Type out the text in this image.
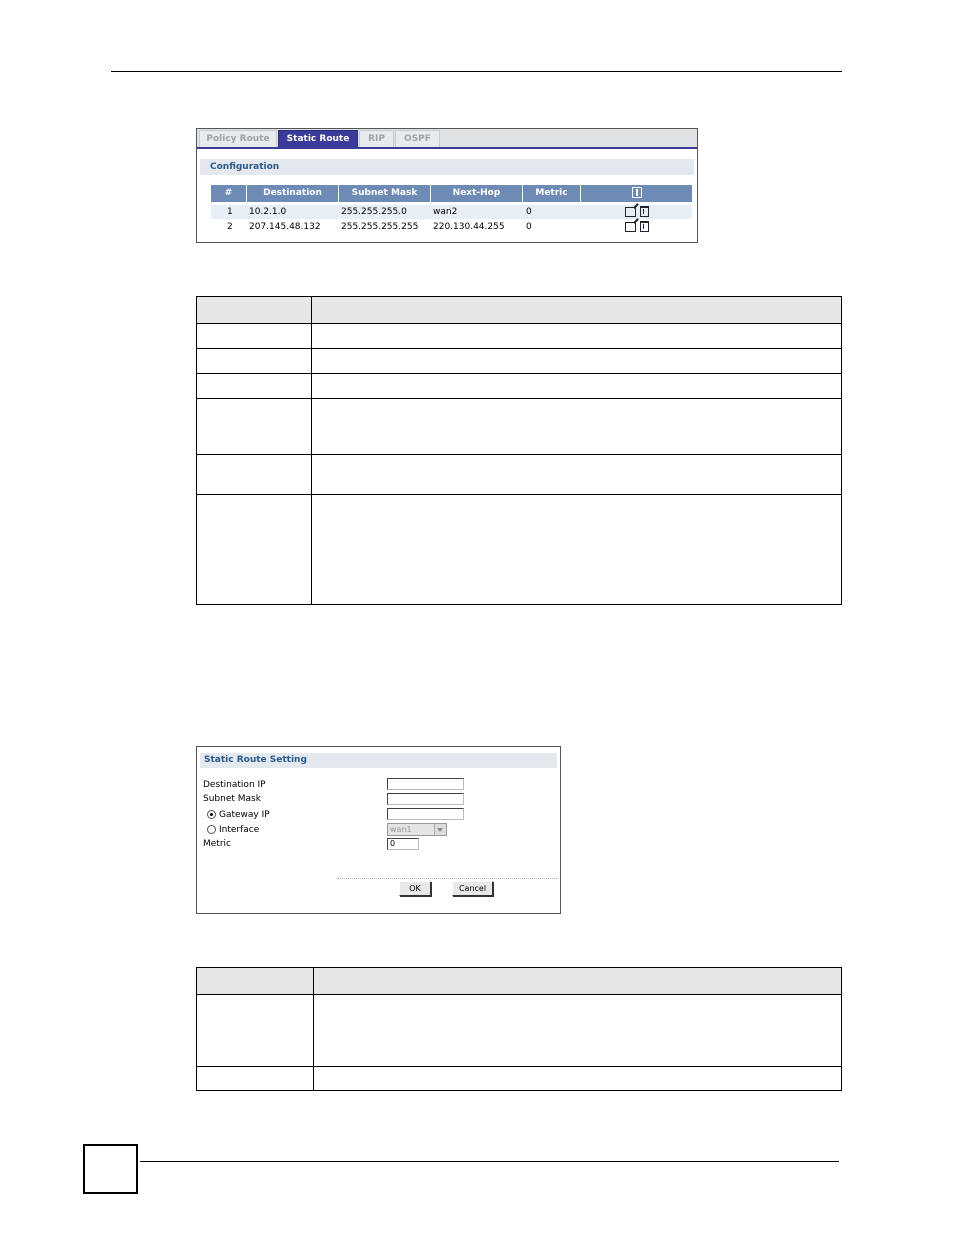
Policy Route	Static Route	RIP	OSPF
Configuration
#	Destination	Subnet Mask	Next-Hop	Metric
1 10.2.1.0	255.255.255.0	wan2	0
2 207.145.48.132 255.255.255.255 220.130.44.255 0

Static Route Setting
Destination IP
Subnet Mask
Gateway IP
Interface	wan1
Metric	0
OK	Cancel
